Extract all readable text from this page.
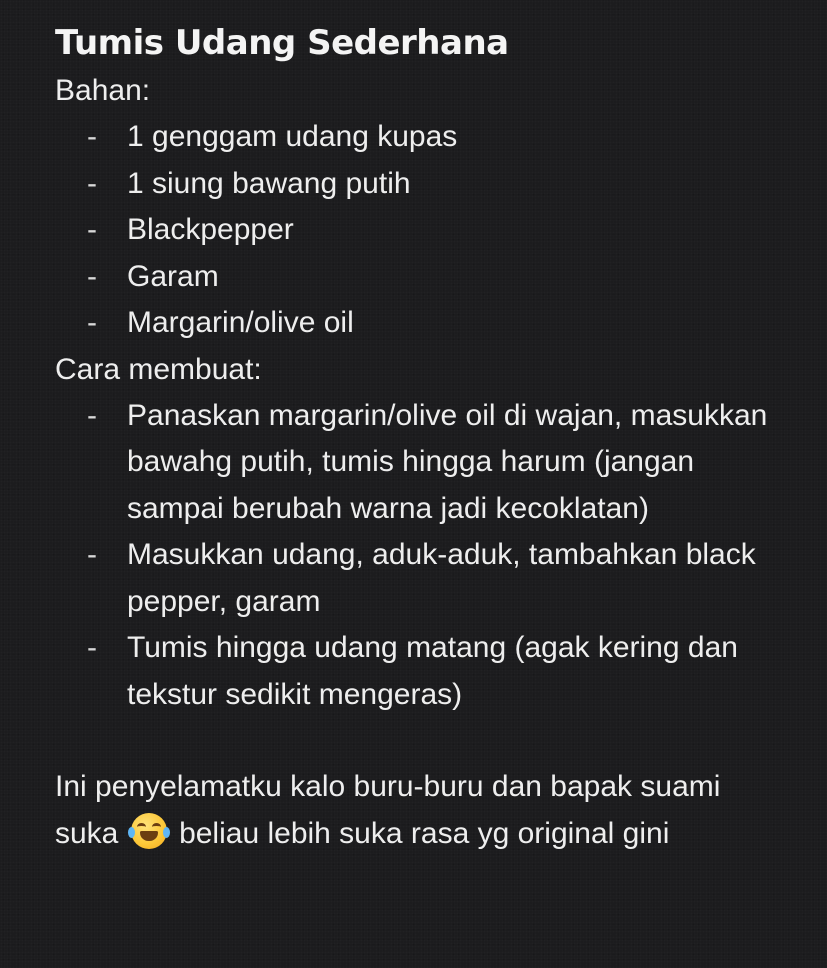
Tumis Udang Sederhana

Bahan:

- 1 genggam udang kupas
- 1 siung bawang putih
- Blackpepper
- Garam
- Margarin/olive oil

Cara membuat:

- Panaskan margarin/olive oil di wajan, masukkan bawahg putih, tumis hingga harum (jangan sampai berubah warna jadi kecoklatan)
- Masukkan udang, aduk-aduk, tambahkan black pepper, garam
- Tumis hingga udang matang (agak kering dan tekstur sedikit mengeras)

Ini penyelamatku kalo buru-buru dan bapak suami suka beliau lebih suka rasa yg original gini
